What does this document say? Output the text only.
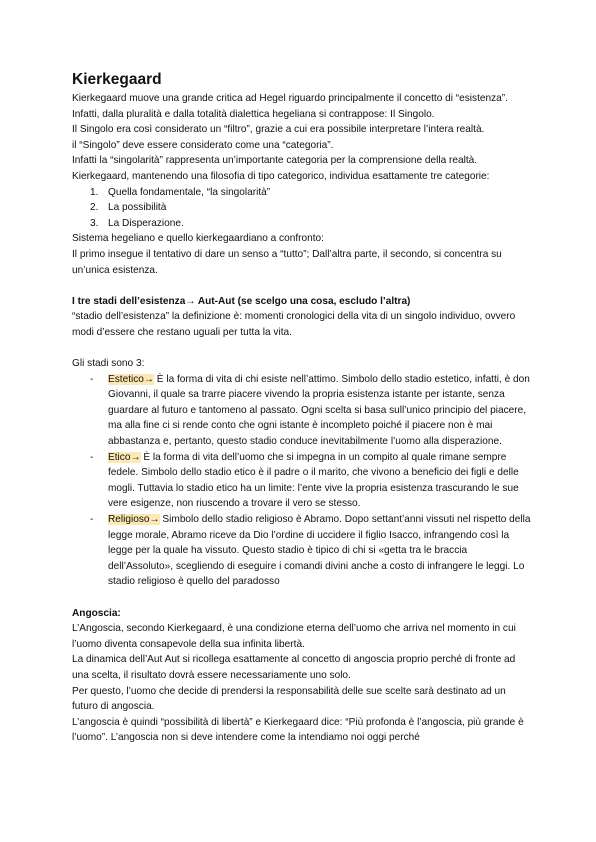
Kierkegaard

Kierkegaard muove una grande critica ad Hegel riguardo principalmente il concetto di “esistenza”.

Infatti, dalla pluralità e dalla totalità dialettica hegeliana si contrappose: Il Singolo.

Il Singolo era così considerato un “filtro”, grazie a cui era possibile interpretare l’intera realtà.

il “Singolo” deve essere considerato come una “categoria”.

Infatti la “singolarità” rappresenta un’importante categoria per la comprensione della realtà.

Kierkegaard, mantenendo una filosofia di tipo categorico, individua esattamente tre categorie:

1. Quella fondamentale, “la singolarità”
2. La possibilità
3. La Disperazione.

Sistema hegeliano e quello kierkegaardiano a confronto:

Il primo insegue il tentativo di dare un senso a “tutto”; Dall’altra parte, il secondo, si concentra su un’unica esistenza.

I tre stadi dell’esistenza→ Aut-Aut (se scelgo una cosa, escludo l’altra)

“stadio dell’esistenza” la definizione è: momenti cronologici della vita di un singolo individuo, ovvero modi d’essere che restano uguali per tutta la vita.

Gli stadi sono 3:

- Estetico→ È la forma di vita di chi esiste nell’attimo. Simbolo dello stadio estetico, infatti, è don Giovanni, il quale sa trarre piacere vivendo la propria esistenza istante per istante, senza guardare al futuro e tantomeno al passato. Ogni scelta si basa sull’unico principio del piacere, ma alla fine ci si rende conto che ogni istante è incompleto poiché il piacere non è mai abbastanza e, pertanto, questo stadio conduce inevitabilmente l’uomo alla disperazione.
- Etico→ È la forma di vita dell’uomo che si impegna in un compito al quale rimane sempre fedele. Simbolo dello stadio etico è il padre o il marito, che vivono a beneficio dei figli e delle mogli. Tuttavia lo stadio etico ha un limite: l’ente vive la propria esistenza trascurando le sue vere esigenze, non riuscendo a trovare il vero se stesso.
- Religioso→ Simbolo dello stadio religioso è Abramo. Dopo settant’anni vissuti nel rispetto della legge morale, Abramo riceve da Dio l’ordine di uccidere il figlio Isacco, infrangendo così la legge per la quale ha vissuto. Questo stadio è tipico di chi si «getta tra le braccia dell’Assoluto», scegliendo di eseguire i comandi divini anche a costo di infrangere le leggi. Lo stadio religioso è quello del paradosso

Angoscia:

L’Angoscia, secondo Kierkegaard, è una condizione eterna dell’uomo che arriva nel momento in cui l’uomo diventa consapevole della sua infinita libertà.

La dinamica dell’Aut Aut si ricollega esattamente al concetto di angoscia proprio perché di fronte ad una scelta, il risultato dovrà essere necessariamente uno solo.

Per questo, l’uomo che decide di prendersi la responsabilità delle sue scelte sarà destinato ad un futuro di angoscia.

L’angoscia è quindi “possibilità di libertà” e Kierkegaard dice: “Più profonda è l’angoscia, più grande è l’uomo”. L’angoscia non si deve intendere come la intendiamo noi oggi perché
